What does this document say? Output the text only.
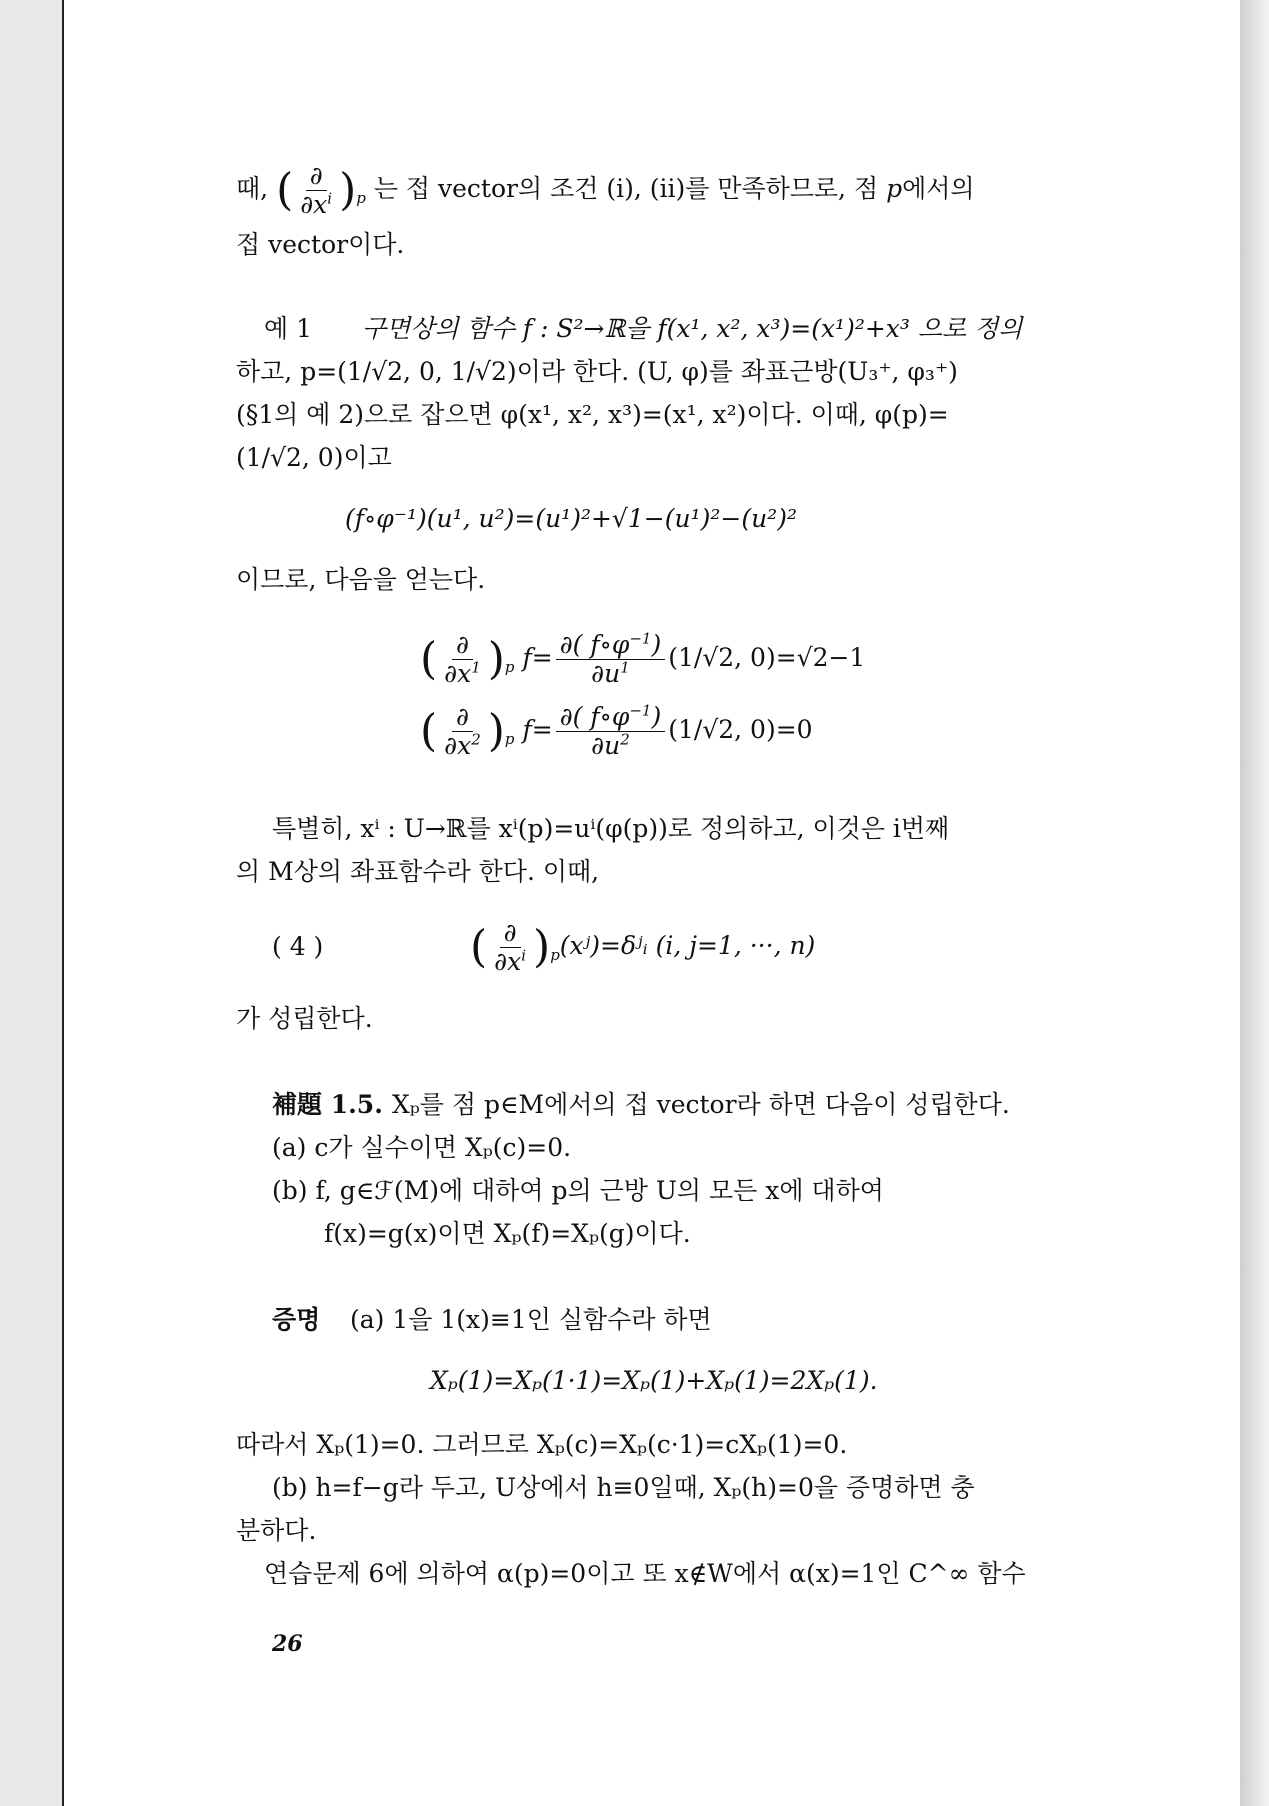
때, ( $\frac{\partial}{\partial x^i} )_p$ 는 접 vector의 조건 (i), (ii)를 만족하므로, 점 p에서의
접 vector이다.
예 1 구면상의 함수 f : S²→ℝ을 f(x¹, x², x³)=(x¹)²+x³ 으로 정의
하고, p=(1/√2, 0, 1/√2)이라 한다. (U, φ)를 좌표근방(U₃⁺, φ₃⁺)
(§1의 예 2)으로 잡으면 φ(x¹, x², x³)=(x¹, x²)이다. 이때, φ(p)=
(1/√2, 0)이고
(f∘φ⁻¹)(u¹, u²)=(u¹)²+√1−(u¹)²−(u²)²
이므로, 다음을 얻는다.
( $\frac{\partial}{\partial x^1} )_p$ $f= \frac{\partial( f\circ\varphi^{-1})}{\partial u^1} (1/√2$, 0)=√2−1
( $\frac{\partial}{\partial x^2} )_p$ $f= \frac{\partial( f\circ\varphi^{-1})}{\partial u^2} (1/√2$, 0)=0
특별히, xⁱ : U→ℝ를 xⁱ(p)=uⁱ(φ(p))로 정의하고, 이것은 i번째
의 M상의 좌표함수라 한다. 이때,
( 4 )	( $\frac{\partial}{\partial x^i}$ )$_p(xʲ)=\delta ʲᵢ$ (i, j=1, ···, n)
가 성립한다.
補題 1.5. Xₚ를 점 p∈M에서의 접 vector라 하면 다음이 성립한다.
(a) c가 실수이면 Xₚ(c)=0.
(b) f, g∈ℱ(M)에 대하여 p의 근방 U의 모든 x에 대하여
f(x)=g(x)이면 Xₚ(f)=Xₚ(g)이다.
증명 (a) 1을 1(x)≡1인 실함수라 하면
Xₚ(1)=Xₚ(1·1)=Xₚ(1)+Xₚ(1)=2Xₚ(1).
따라서 Xₚ(1)=0. 그러므로 Xₚ(c)=Xₚ(c·1)=cXₚ(1)=0.
(b) h=f−g라 두고, U상에서 h≡0일때, Xₚ(h)=0을 증명하면 충
분하다.
연습문제 6에 의하여 α(p)=0이고 또 x∉W에서 α(x)=1인 C^∞ 함수
26
